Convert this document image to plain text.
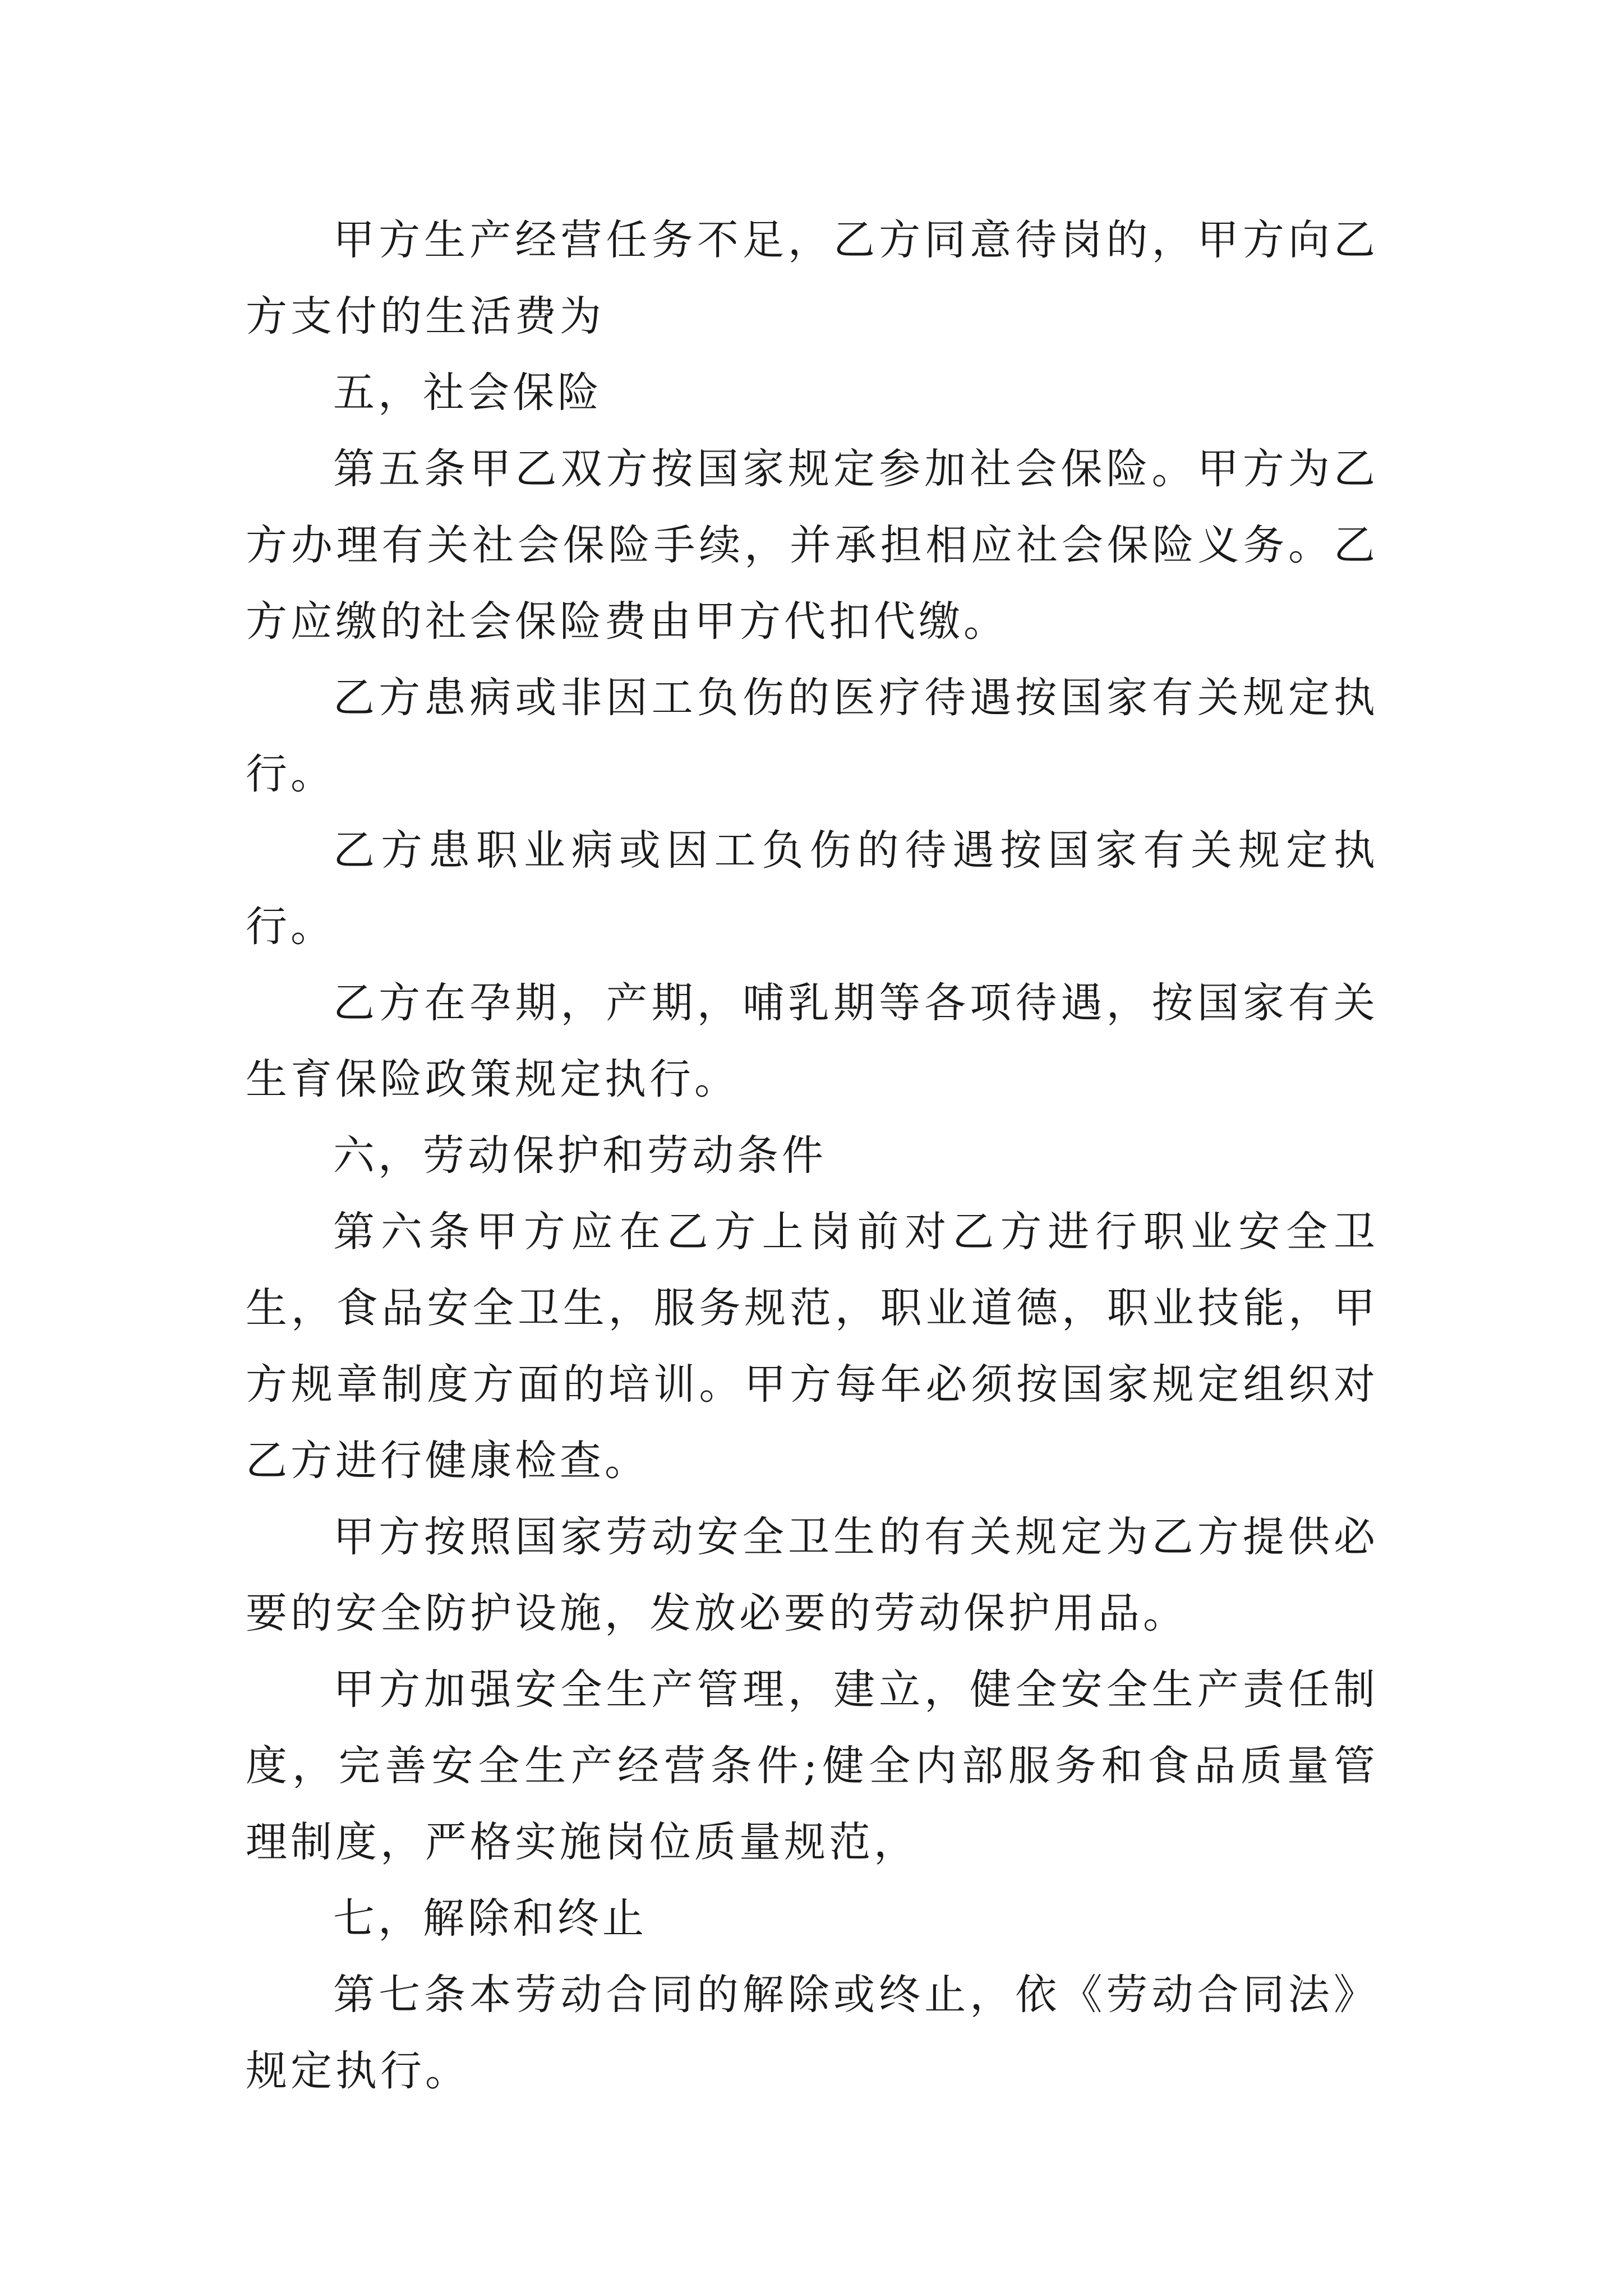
甲方生产经营任务不足，乙方同意待岗的，甲方向乙方支付的生活费为

五，社会保险

第五条甲乙双方按国家规定参加社会保险。甲方为乙方办理有关社会保险手续，并承担相应社会保险义务。乙方应缴的社会保险费由甲方代扣代缴。

乙方患病或非因工负伤的医疗待遇按国家有关规定执行。

乙方患职业病或因工负伤的待遇按国家有关规定执行。

乙方在孕期，产期，哺乳期等各项待遇，按国家有关生育保险政策规定执行。

六，劳动保护和劳动条件

第六条甲方应在乙方上岗前对乙方进行职业安全卫生，食品安全卫生，服务规范，职业道德，职业技能，甲方规章制度方面的培训。甲方每年必须按国家规定组织对乙方进行健康检查。

甲方按照国家劳动安全卫生的有关规定为乙方提供必要的安全防护设施，发放必要的劳动保护用品。

甲方加强安全生产管理，建立，健全安全生产责任制度，完善安全生产经营条件;健全内部服务和食品质量管理制度，严格实施岗位质量规范，

七，解除和终止

第七条本劳动合同的解除或终止，依《劳动合同法》规定执行。
